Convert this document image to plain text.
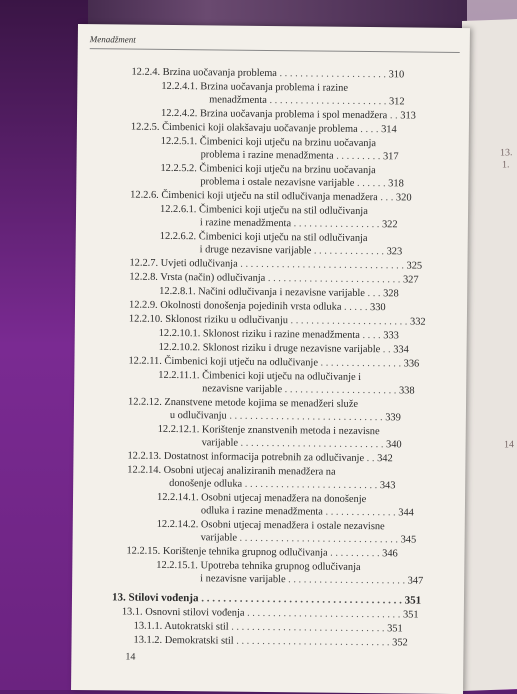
13.
1.
14
Menadžment
12.2.4. Brzina uočavanja problema . . . . . . . . . . . . . . . . . . . . . 310
12.2.4.1. Brzina uočavanja problema i razine
menadžmenta . . . . . . . . . . . . . . . . . . . . . . . 312
12.2.4.2. Brzina uočavanja problema i spol menadžera . . 313
12.2.5. Čimbenici koji olakšavaju uočavanje problema . . . . 314
12.2.5.1. Čimbenici koji utječu na brzinu uočavanja
problema i razine menadžmenta . . . . . . . . . 317
12.2.5.2. Čimbenici koji utječu na brzinu uočavanja
problema i ostale nezavisne varijable . . . . . . 318
12.2.6. Čimbenici koji utječu na stil odlučivanja menadžera . . . 320
12.2.6.1. Čimbenici koji utječu na stil odlučivanja
i razine menadžmenta . . . . . . . . . . . . . . . . . 322
12.2.6.2. Čimbenici koji utječu na stil odlučivanja
i druge nezavisne varijable . . . . . . . . . . . . . . 323
12.2.7. Uvjeti odlučivanja . . . . . . . . . . . . . . . . . . . . . . . . . . . . . . . . 325
12.2.8. Vrsta (način) odlučivanja . . . . . . . . . . . . . . . . . . . . . . . . . . 327
12.2.8.1. Načini odlučivanja i nezavisne varijable . . . 328
12.2.9. Okolnosti donošenja pojedinih vrsta odluka . . . . . 330
12.2.10. Sklonost riziku u odlučivanju . . . . . . . . . . . . . . . . . . . . . . . 332
12.2.10.1. Sklonost riziku i razine menadžmenta . . . . 333
12.2.10.2. Sklonost riziku i druge nezavisne varijable . . 334
12.2.11. Čimbenici koji utječu na odlučivanje . . . . . . . . . . . . . . . . 336
12.2.11.1. Čimbenici koji utječu na odlučivanje i
nezavisne varijable . . . . . . . . . . . . . . . . . . . . . . 338
12.2.12. Znanstvene metode kojima se menadžeri služe
u odlučivanju . . . . . . . . . . . . . . . . . . . . . . . . . . . . . . 339
12.2.12.1. Korištenje znanstvenih metoda i nezavisne
varijable . . . . . . . . . . . . . . . . . . . . . . . . . . . . 340
12.2.13. Dostatnost informacija potrebnih za odlučivanje . . 342
12.2.14. Osobni utjecaj analiziranih menadžera na
donošenje odluka . . . . . . . . . . . . . . . . . . . . . . . . . . 343
12.2.14.1. Osobni utjecaj menadžera na donošenje
odluka i razine menadžmenta . . . . . . . . . . . . . . 344
12.2.14.2. Osobni utjecaj menadžera i ostale nezavisne
varijable . . . . . . . . . . . . . . . . . . . . . . . . . . . . . . . 345
12.2.15. Korištenje tehnika grupnog odlučivanja . . . . . . . . . . 346
12.2.15.1. Upotreba tehnika grupnog odlučivanja
i nezavisne varijable . . . . . . . . . . . . . . . . . . . . . . . 347
13. Stilovi vođenja . . . . . . . . . . . . . . . . . . . . . . . . . . . . . . . . . . . . . 351
13.1. Osnovni stilovi vođenja . . . . . . . . . . . . . . . . . . . . . . . . . . . . . . 351
13.1.1. Autokratski stil . . . . . . . . . . . . . . . . . . . . . . . . . . . . . . 351
13.1.2. Demokratski stil . . . . . . . . . . . . . . . . . . . . . . . . . . . . . . 352
14
